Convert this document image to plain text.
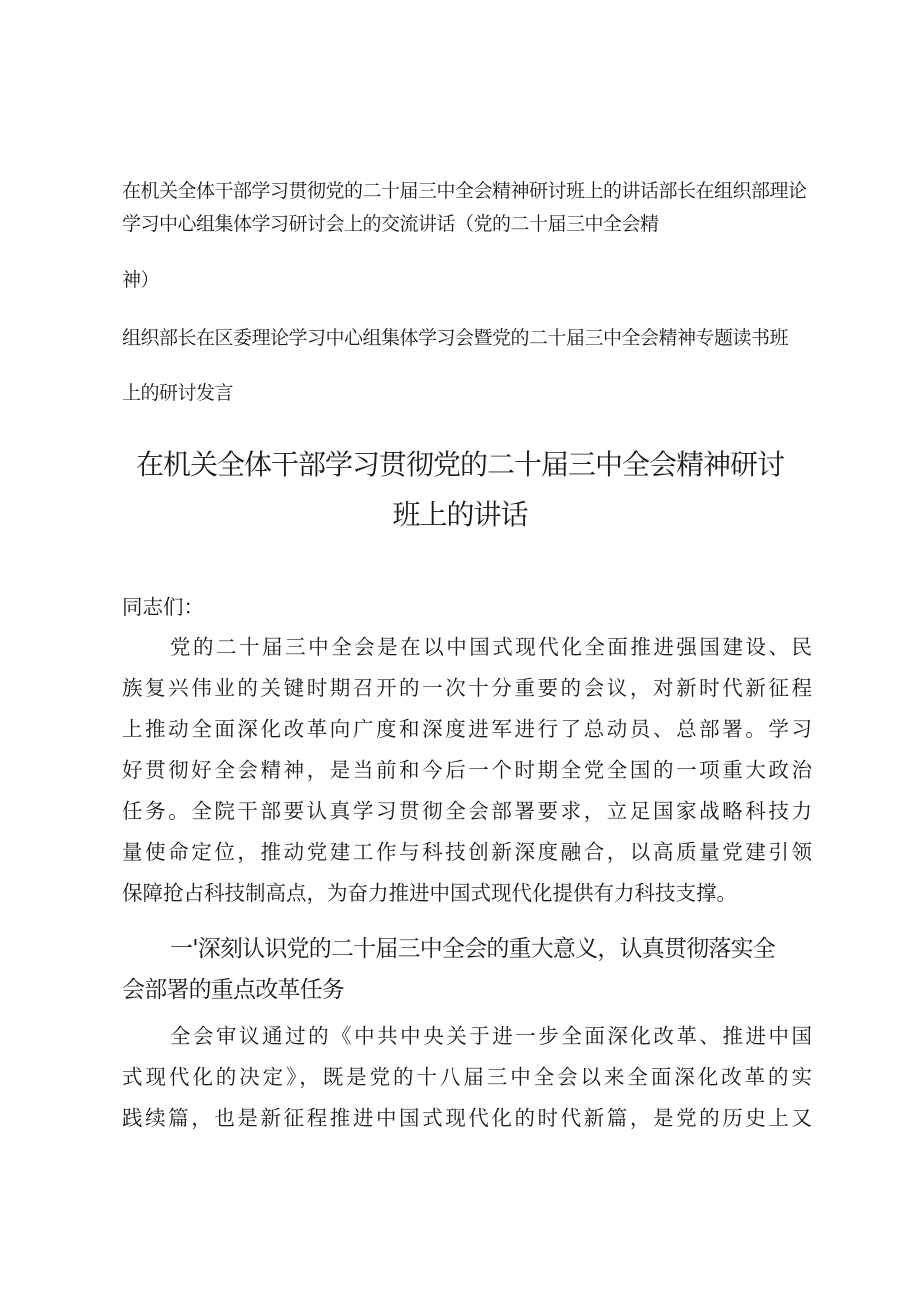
在机关全体干部学习贯彻党的二十届三中全会精神研讨班上的讲话部长在组织部理论
学习中心组集体学习研讨会上的交流讲话（党的二十届三中全会精
神）
组织部长在区委理论学习中心组集体学习会暨党的二十届三中全会精神专题读书班
上的研讨发言
在机关全体干部学习贯彻党的二十届三中全会精神研讨
班上的讲话
同志们：
党的二十届三中全会是在以中国式现代化全面推进强国建设、民
族复兴伟业的关键时期召开的一次十分重要的会议，对新时代新征程
上推动全面深化改革向广度和深度进军进行了总动员、总部署。学习
好贯彻好全会精神，是当前和今后一个时期全党全国的一项重大政治
任务。全院干部要认真学习贯彻全会部署要求，立足国家战略科技力
量使命定位，推动党建工作与科技创新深度融合，以高质量党建引领
保障抢占科技制高点，为奋力推进中国式现代化提供有力科技支撑。
一'深刻认识党的二十届三中全会的重大意义，认真贯彻落实全
会部署的重点改革任务
全会审议通过的《中共中央关于进一步全面深化改革、推进中国
式现代化的决定》，既是党的十八届三中全会以来全面深化改革的实
践续篇，也是新征程推进中国式现代化的时代新篇，是党的历史上又
